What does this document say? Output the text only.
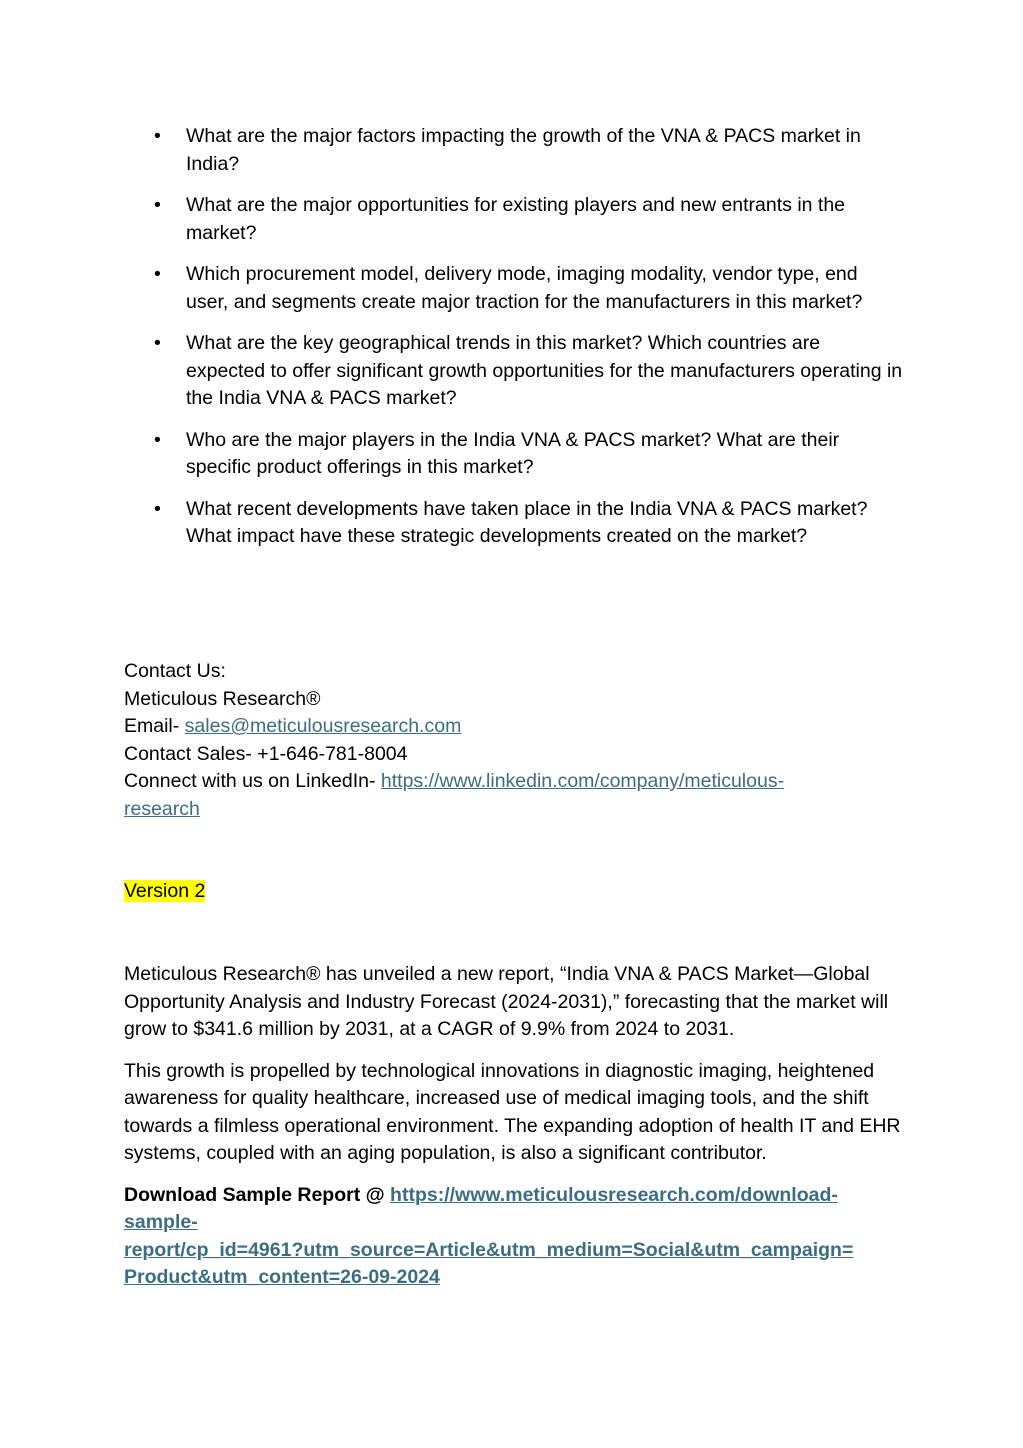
• What are the major factors impacting the growth of the VNA & PACS market in India?
• What are the major opportunities for existing players and new entrants in the market?
• Which procurement model, delivery mode, imaging modality, vendor type, end user, and segments create major traction for the manufacturers in this market?
• What are the key geographical trends in this market? Which countries are expected to offer significant growth opportunities for the manufacturers operating in the India VNA & PACS market?
• Who are the major players in the India VNA & PACS market? What are their specific product offerings in this market?
• What recent developments have taken place in the India VNA & PACS market? What impact have these strategic developments created on the market?
Contact Us:
Meticulous Research®
Email- sales@meticulousresearch.com
Contact Sales- +1-646-781-8004
Connect with us on LinkedIn- https://www.linkedin.com/company/meticulous-
research
Version 2

Meticulous Research® has unveiled a new report, “India VNA & PACS Market—Global Opportunity Analysis and Industry Forecast (2024-2031),” forecasting that the market will grow to $341.6 million by 2031, at a CAGR of 9.9% from 2024 to 2031.

This growth is propelled by technological innovations in diagnostic imaging, heightened awareness for quality healthcare, increased use of medical imaging tools, and the shift towards a filmless operational environment. The expanding adoption of health IT and EHR systems, coupled with an aging population, is also a significant contributor.

Download Sample Report @ https://www.meticulousresearch.com/download-
sample-
report/cp_id=4961?utm_source=Article&utm_medium=Social&utm_campaign=
Product&utm_content=26-09-2024
